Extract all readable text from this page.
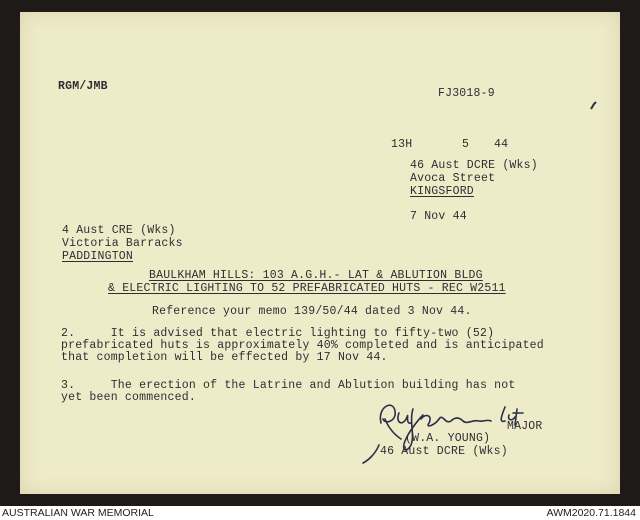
RGM/JMB
FJ3018-9
13H	5 44
46 Aust DCRE (Wks)
Avoca Street
KINGSFORD
7 Nov 44
4 Aust CRE (Wks)
Victoria Barracks
PADDINGTON
BAULKHAM HILLS: 103 A.G.H.- LAT & ABLUTION BLDG
& ELECTRIC LIGHTING TO 52 PREFABRICATED HUTS - REC W2511
Reference your memo 139/50/44 dated 3 Nov 44.
2.     It is advised that electric lighting to fifty-two (52)
prefabricated huts is approximately 40% completed and is anticipated
that completion will be effected by 17 Nov 44.
3.     The erection of the Latrine and Ablution building has not
yet been commenced.
MAJOR
(W.A. YOUNG)
46 Aust DCRE (Wks)
AUSTRALIAN WAR MEMORIAL	AWM2020.71.1844
